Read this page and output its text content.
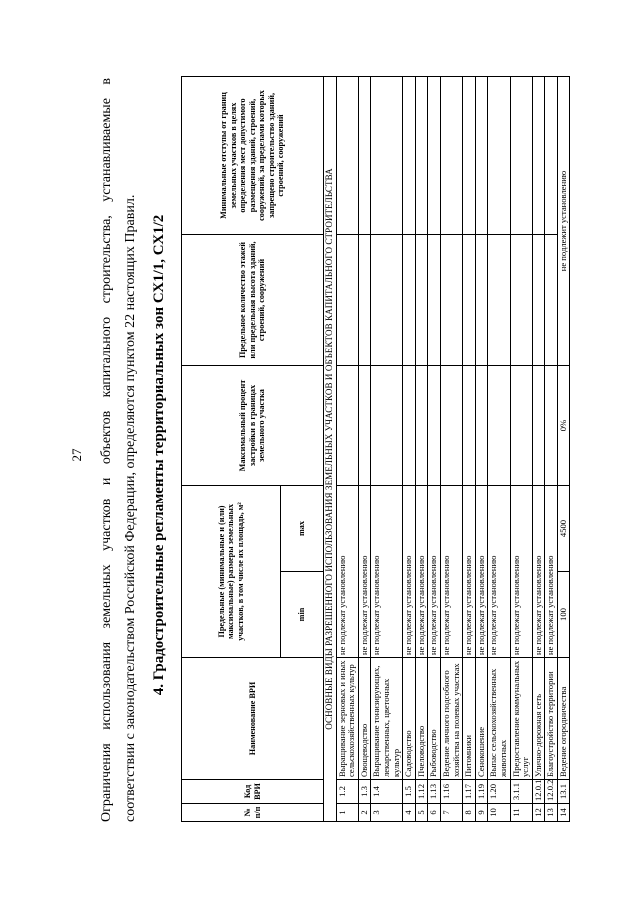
27 Ограничения использования земельных участков и объектов капитального строительства, устанавливаемые в соответствии с законодательством Российской Федерации, определяются пунктом 22 настоящих Правил. 4. Градостроительные регламенты территориальных зон СХ1/1, СХ1/2
№ п/п	Код ВРИ	Наименование ВРИ	Предельные (минимальные и (или) максимальные) размеры земельных участков, в том числе их площадь, м²		Максимальный процент застройки в границах земельного участка	Предельное количество этажей или предельная высота зданий, строений, сооружений	Минимальные отступы от границ земельных участков в целях определения мест допустимого размещения зданий, строений, сооружений, за пределами которых запрещено строительство зданий, строений, сооружений
			min	max			
ОСНОВНЫЕ ВИДЫ РАЗРЕШЕННОГО ИСПОЛЬЗОВАНИЯ ЗЕМЕЛЬНЫХ УЧАСТКОВ И ОБЪЕКТОВ КАПИТАЛЬНОГО СТРОИТЕЛЬСТВА							
1	1.2	Выращивание зерновых и иных сельскохозяйственных культур	не подлежат установлению				
2	1.3	Овощеводство	не подлежат установлению				
3	1.4	Выращивание тонизирующих, лекарственных, цветочных культур	не подлежат установлению				
4	1.5	Садоводство	не подлежат установлению				
5	1.12	Пчеловодство	не подлежат установлению				
6	1.13	Рыбоводство	не подлежат установлению				
7	1.16	Ведение личного подсобного хозяйства на полевых участках	не подлежат установлению				
8	1.17	Питомники	не подлежат установлению				
9	1.19	Сенокошение	не подлежат установлению				
10	1.20	Выпас сельскохозяйственных животных	не подлежат установлению				
11	3.1.1	Предоставление коммунальных услуг	не подлежат установлению				
12	12.0.1	Улично-дорожная сеть	не подлежат установлению				
13	12.0.2	Благоустройство территории	не подлежат установлению				
14	13.1	Ведение огородничества	100	4500	0%	не подлежит установлению	
